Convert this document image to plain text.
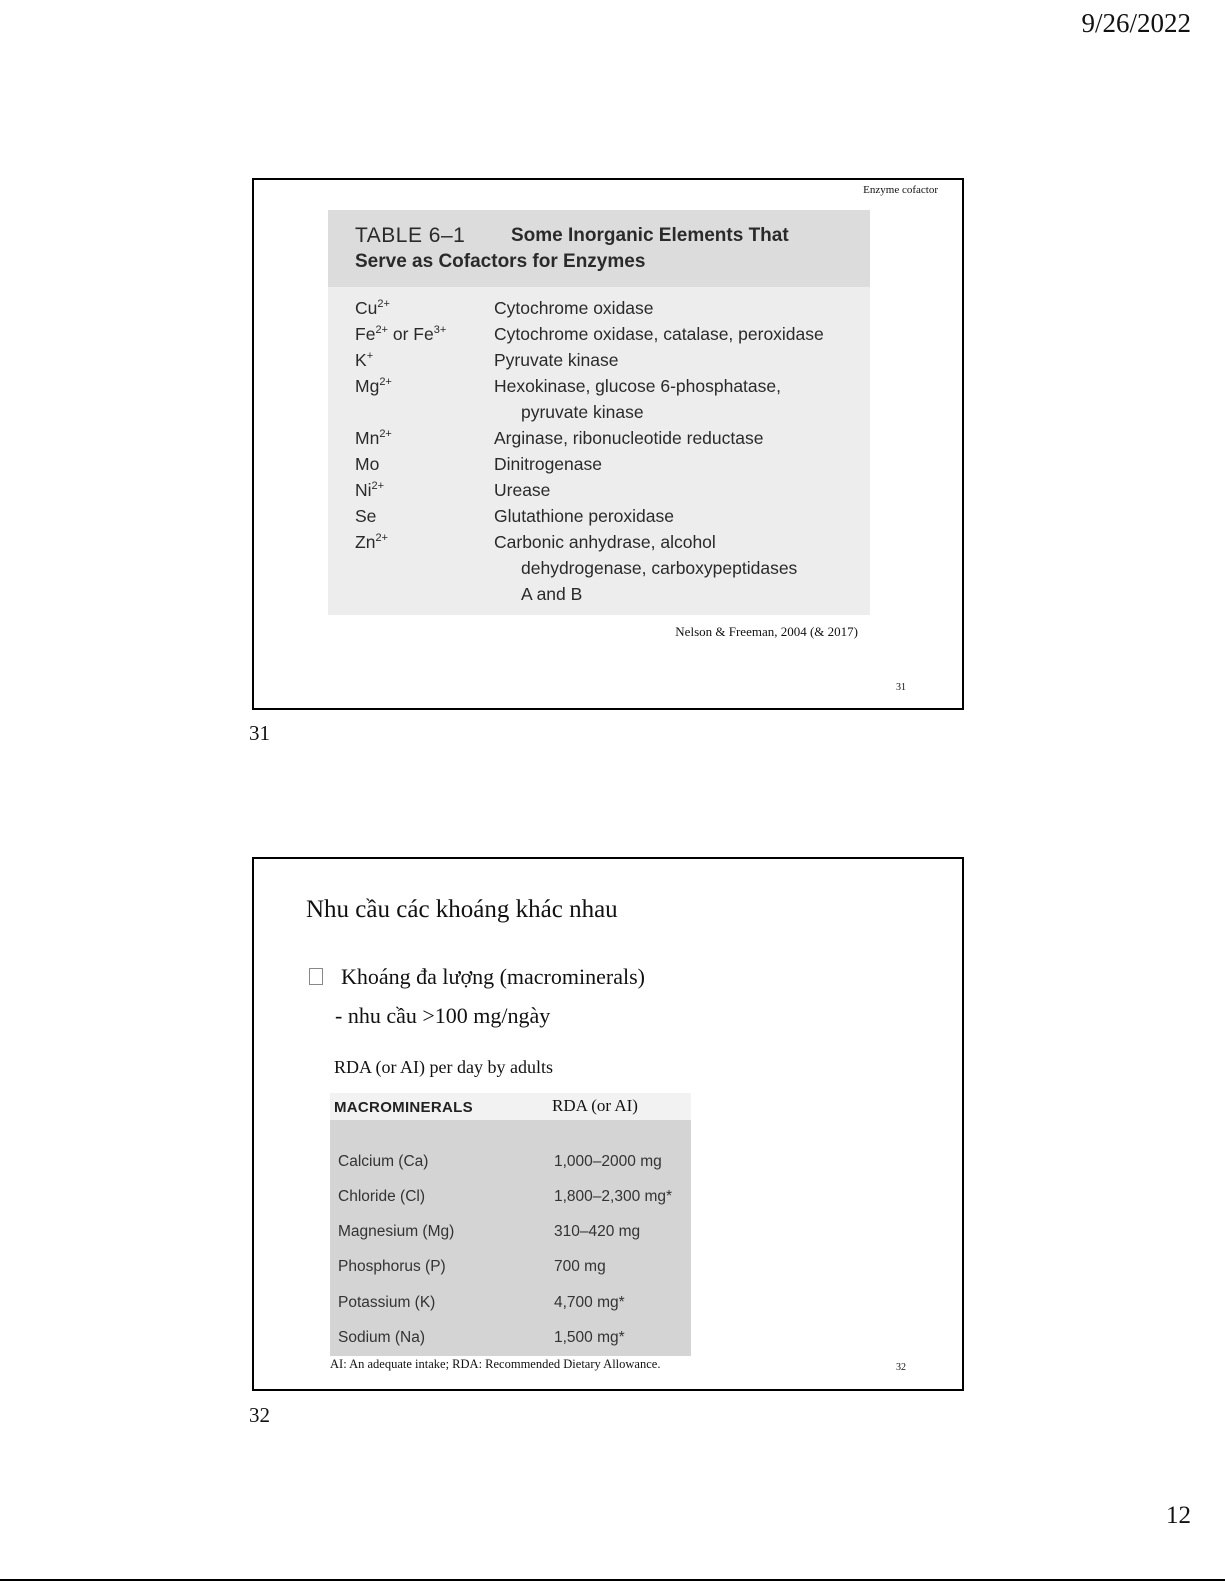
9/26/2022
Enzyme cofactor
TABLE 6–1 Some Inorganic Elements That
Serve as Cofactors for Enzymes
$Cu^{2+}$	Cytochrome oxidase
$Fe^{2+}$ or $Fe^{3+}$	Cytochrome oxidase, catalase, peroxidase
K+	Pyruvate kinase
$Mg^{2+}$	Hexokinase, glucose 6-phosphatase,
pyruvate kinase
$Mn^{2+}$	Arginase, ribonucleotide reductase
Mo	Dinitrogenase
$Ni^{2+}$	Urease
Se	Glutathione peroxidase
$Zn^{2+}$	Carbonic anhydrase, alcohol
dehydrogenase, carboxypeptidases
A and B
Nelson & Freeman, 2004 (& 2017)
31
31
Nhu cầu các khoáng khác nhau
Khoáng đa lượng (macrominerals)
- nhu cầu >100 mg/ngày
RDA (or AI) per day by adults
MACROMINERALS	RDA (or AI)
Calcium (Ca)	1,000–2000 mg
Chloride (Cl)	1,800–2,300 mg*
Magnesium (Mg)	310–420 mg
Phosphorus (P)	700 mg
Potassium (K)	4,700 mg*
Sodium (Na)	1,500 mg*
AI: An adequate intake; RDA: Recommended Dietary Allowance.	32
32
12
